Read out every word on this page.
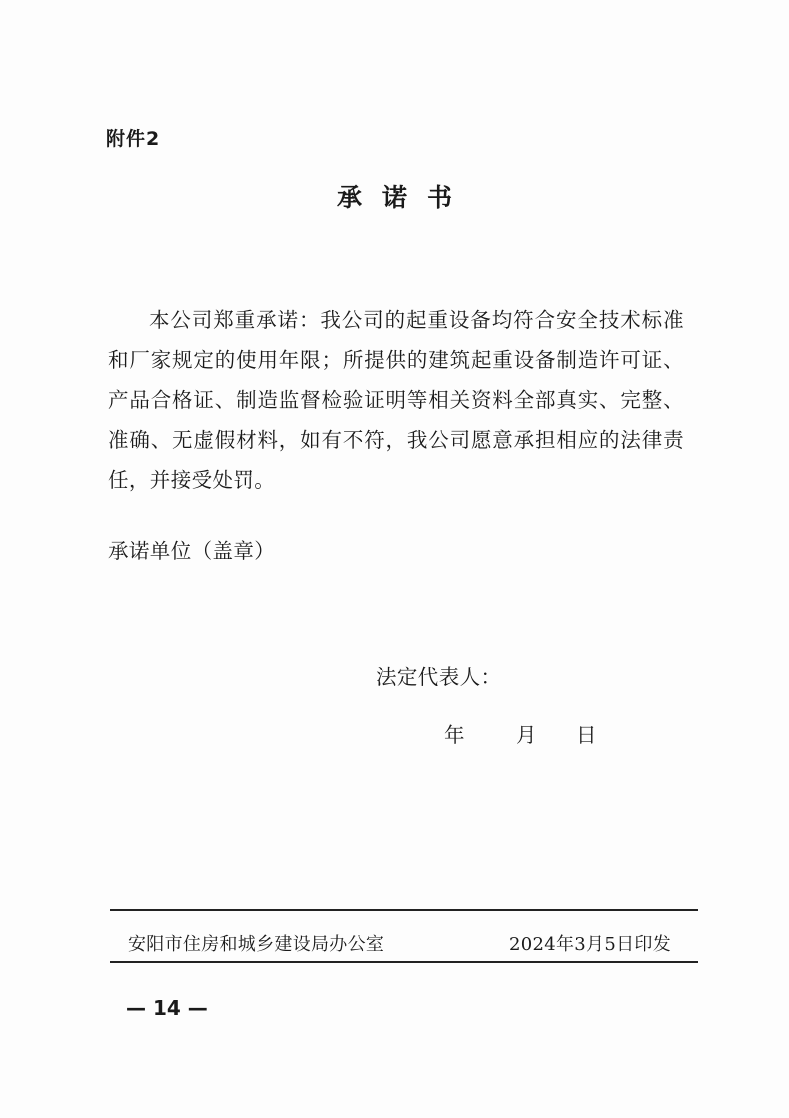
附件2
承诺书
本公司郑重承诺：我公司的起重设备均符合安全技术标准和厂家规定的使用年限；所提供的建筑起重设备制造许可证、产品合格证、制造监督检验证明等相关资料全部真实、完整、准确、无虚假材料，如有不符，我公司愿意承担相应的法律责任，并接受处罚。
承诺单位（盖章）
法定代表人：
年	月	日
安阳市住房和城乡建设局办公室	2024年3月5日印发
— 14 —
